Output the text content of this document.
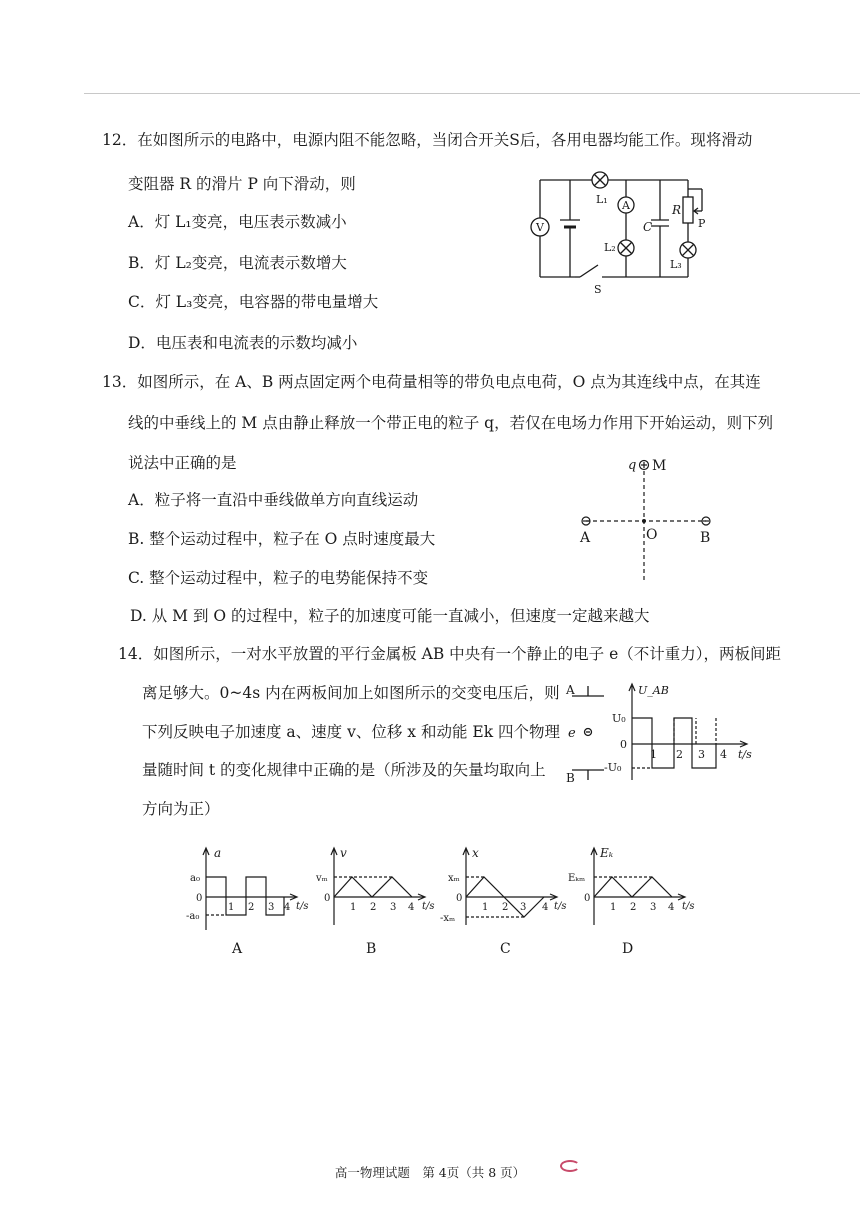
12．在如图所示的电路中，电源内阻不能忽略，当闭合开关S后，各用电器均能工作。现将滑动
变阻器 R 的滑片 P 向下滑动，则
A．灯 L₁变亮，电压表示数减小
B．灯 L₂变亮，电流表示数增大
C．灯 L₃变亮，电容器的带电量增大
D．电压表和电流表的示数均减小
V
A
L₁
L₂
L₃
C
R
P
S
13．如图所示，在 A、B 两点固定两个电荷量相等的带负电点电荷，O 点为其连线中点，在其连
线的中垂线上的 M 点由静止释放一个带正电的粒子 q，若仅在电场力作用下开始运动，则下列
说法中正确的是
A．粒子将一直沿中垂线做单方向直线运动
B. 整个运动过程中，粒子在 O 点时速度最大
C. 整个运动过程中，粒子的电势能保持不变
D. 从 M 到 O 的过程中，粒子的加速度可能一直减小，但速度一定越来越大
q M
A	O	B
14．如图所示，一对水平放置的平行金属板 AB 中央有一个静止的电子 e（不计重力），两板间距
离足够大。0~4s 内在两板间加上如图所示的交变电压后，则
下列反映电子加速度 a、速度 v、位移 x 和动能 Ek 四个物理
量随时间 t 的变化规律中正确的是（所涉及的矢量均取向上
方向为正）
A
B
e
U_AB
U₀
0
-U₀
1 2 3 4 t/s
a
a₀
0
-a₀
1 2 3 4 t/s
A
v
vₘ
0
1 2 3 4 t/s
B
x
xₘ
0
-xₘ
1 2 3 4 t/s
C
Eₖ
Eₖₘ
0
1 2 3 4 t/s
D
高一物理试题　第 4页（共 8 页）
